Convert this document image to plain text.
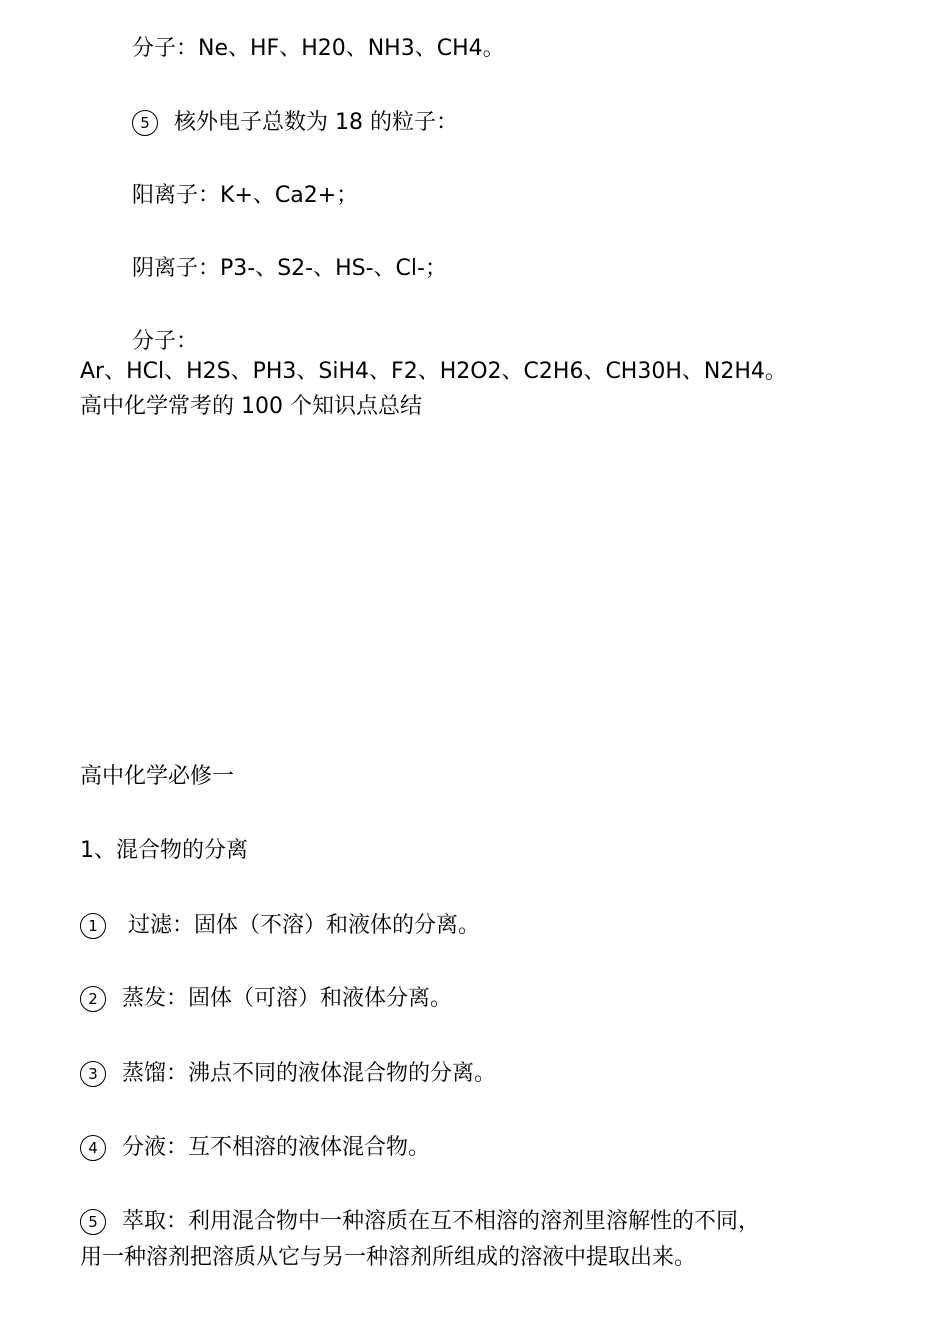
分子：Ne、HF、H20、NH3、CH4。
5 核外电子总数为 18 的粒子：
阳离子：K+、Ca2+；
阴离子：P3-、S2-、HS-、Cl-；
分子：
Ar、HCl、H2S、PH3、SiH4、F2、H2O2、C2H6、CH30H、N2H4。
高中化学常考的 100 个知识点总结
高中化学必修一
1、混合物的分离
1 过滤：固体（不溶）和液体的分离。
2 蒸发：固体（可溶）和液体分离。
3 蒸馏：沸点不同的液体混合物的分离。
4 分液：互不相溶的液体混合物。
5 萃取：利用混合物中一种溶质在互不相溶的溶剂里溶解性的不同，
用一种溶剂把溶质从它与另一种溶剂所组成的溶液中提取出来。
